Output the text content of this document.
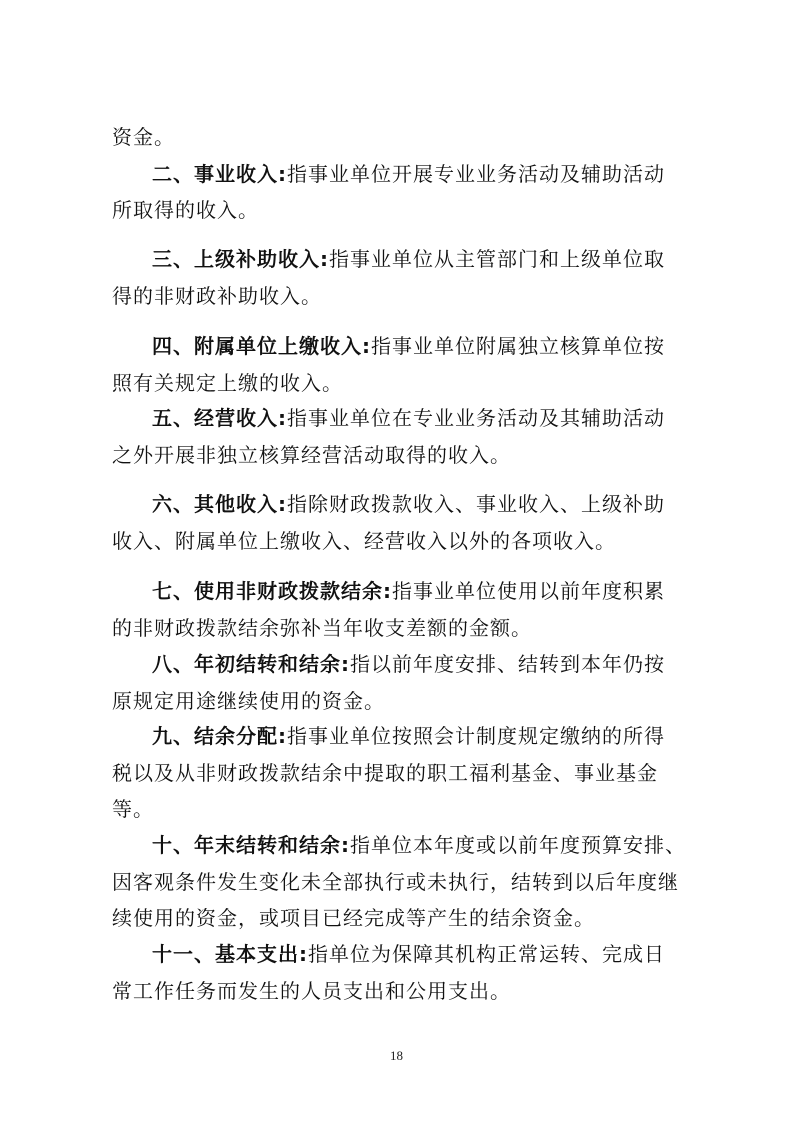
资金。
二、事业收入:指事业单位开展专业业务活动及辅助活动
所取得的收入。
三、上级补助收入:指事业单位从主管部门和上级单位取
得的非财政补助收入。
四、附属单位上缴收入:指事业单位附属独立核算单位按
照有关规定上缴的收入。
五、经营收入:指事业单位在专业业务活动及其辅助活动
之外开展非独立核算经营活动取得的收入。
六、其他收入:指除财政拨款收入、事业收入、上级补助
收入、附属单位上缴收入、经营收入以外的各项收入。
七、使用非财政拨款结余:指事业单位使用以前年度积累
的非财政拨款结余弥补当年收支差额的金额。
八、年初结转和结余:指以前年度安排、结转到本年仍按
原规定用途继续使用的资金。
九、结余分配:指事业单位按照会计制度规定缴纳的所得
税以及从非财政拨款结余中提取的职工福利基金、事业基金
等。
十、年末结转和结余:指单位本年度或以前年度预算安排、
因客观条件发生变化未全部执行或未执行，结转到以后年度继
续使用的资金，或项目已经完成等产生的结余资金。
十一、基本支出:指单位为保障其机构正常运转、完成日
常工作任务而发生的人员支出和公用支出。
18
